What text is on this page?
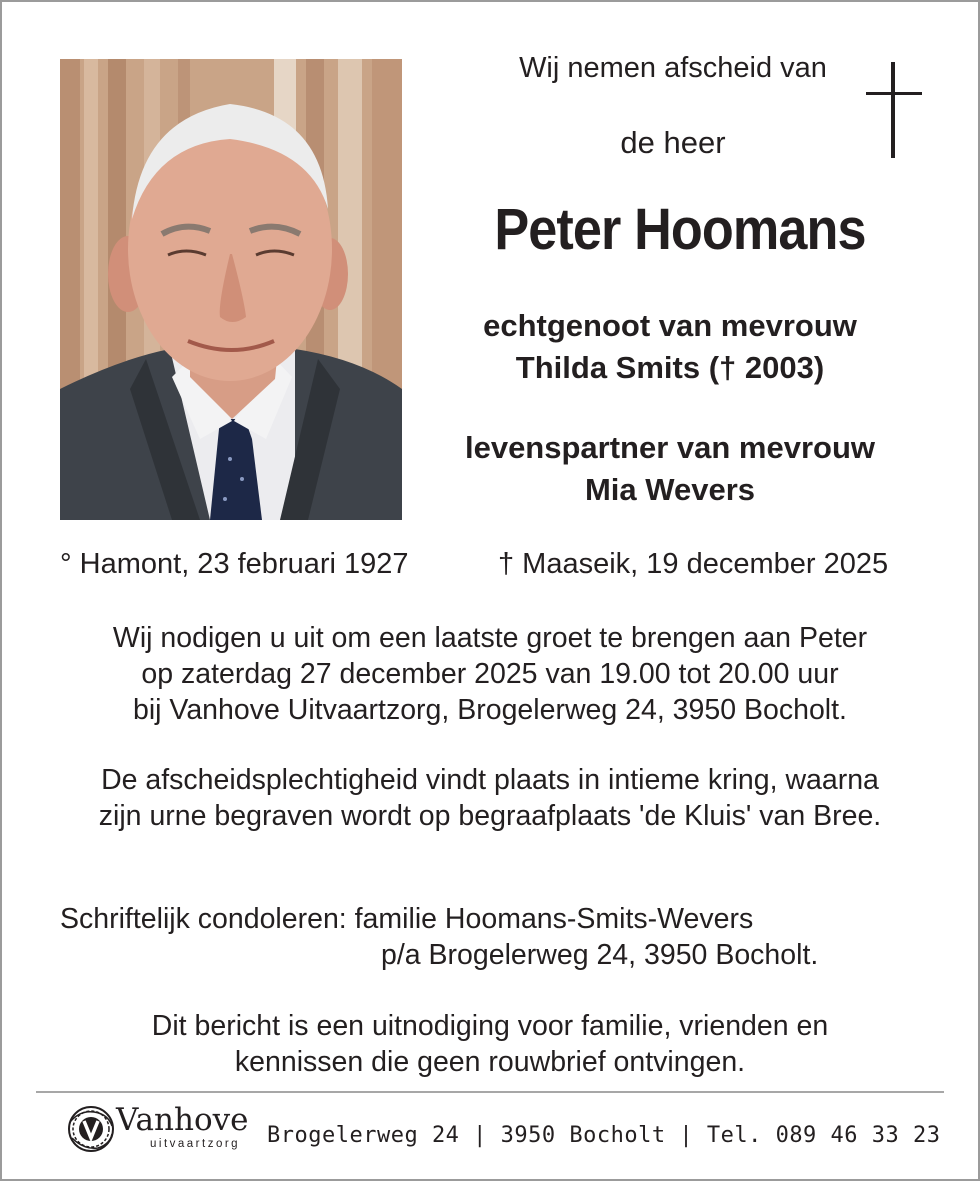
Wij nemen afscheid van
de heer
Peter Hoomans
echtgenoot van mevrouw
Thilda Smits († 2003)
levenspartner van mevrouw
Mia Wevers
° Hamont, 23 februari 1927	† Maaseik, 19 december 2025
Wij nodigen u uit om een laatste groet te brengen aan Peter
op zaterdag 27 december 2025 van 19.00 tot 20.00 uur
bij Vanhove Uitvaartzorg, Brogelerweg 24, 3950 Bocholt.
De afscheidsplechtigheid vindt plaats in intieme kring, waarna
zijn urne begraven wordt op begraafplaats 'de Kluis' van Bree.
Schriftelijk condoleren: familie Hoomans-Smits-Wevers
p/a Brogelerweg 24, 3950 Bocholt.
Dit bericht is een uitnodiging voor familie, vrienden en
kennissen die geen rouwbrief ontvingen.
Vanhove
uitvaartzorg Brogelerweg 24 | 3950 Bocholt | Tel. 089 46 33 23
